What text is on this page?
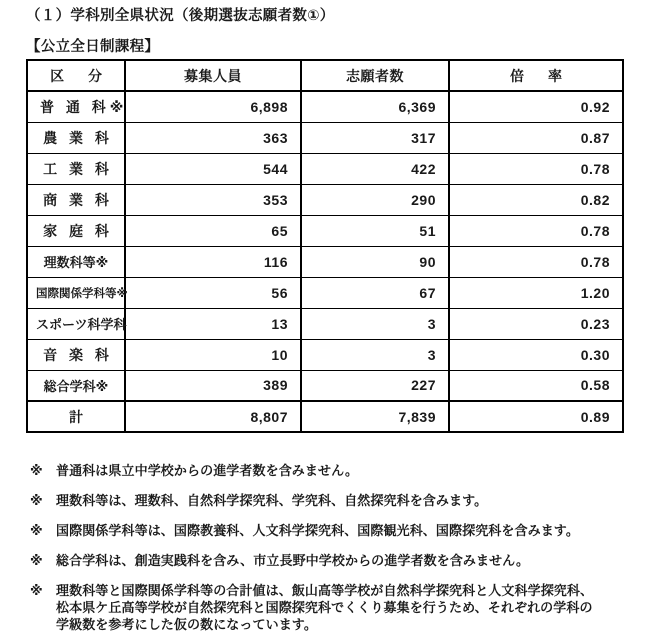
（１）学科別全県状況（後期選抜志願者数①）
【公立全日制課程】
区　分	募集人員	志願者数	倍　率
普 通 科※	6,898	6,369	0.92
農 業 科	363	317	0.87
工 業 科	544	422	0.78
商 業 科	353	290	0.82
家 庭 科	65	51	0.78
理数科等※	116	90	0.78
国際関係学科等※	56	67	1.20
スポーツ科学科	13	3	0.23
音 楽 科	10	3	0.30
総合学科※	389	227	0.58
計	8,807	7,839	0.89
※	普通科は県立中学校からの進学者数を含みません。
※	理数科等は、理数科、自然科学探究科、学究科、自然探究科を含みます。
※	国際関係学科等は、国際教養科、人文科学探究科、国際観光科、国際探究科を含みます。
※	総合学科は、創造実践科を含み、市立長野中学校からの進学者数を含みません。
※	理数科等と国際関係学科等の合計値は、飯山高等学校が自然科学探究科と人文科学探究科、
松本県ケ丘高等学校が自然探究科と国際探究科でくくり募集を行うため、それぞれの学科の
学級数を参考にした仮の数になっています。
